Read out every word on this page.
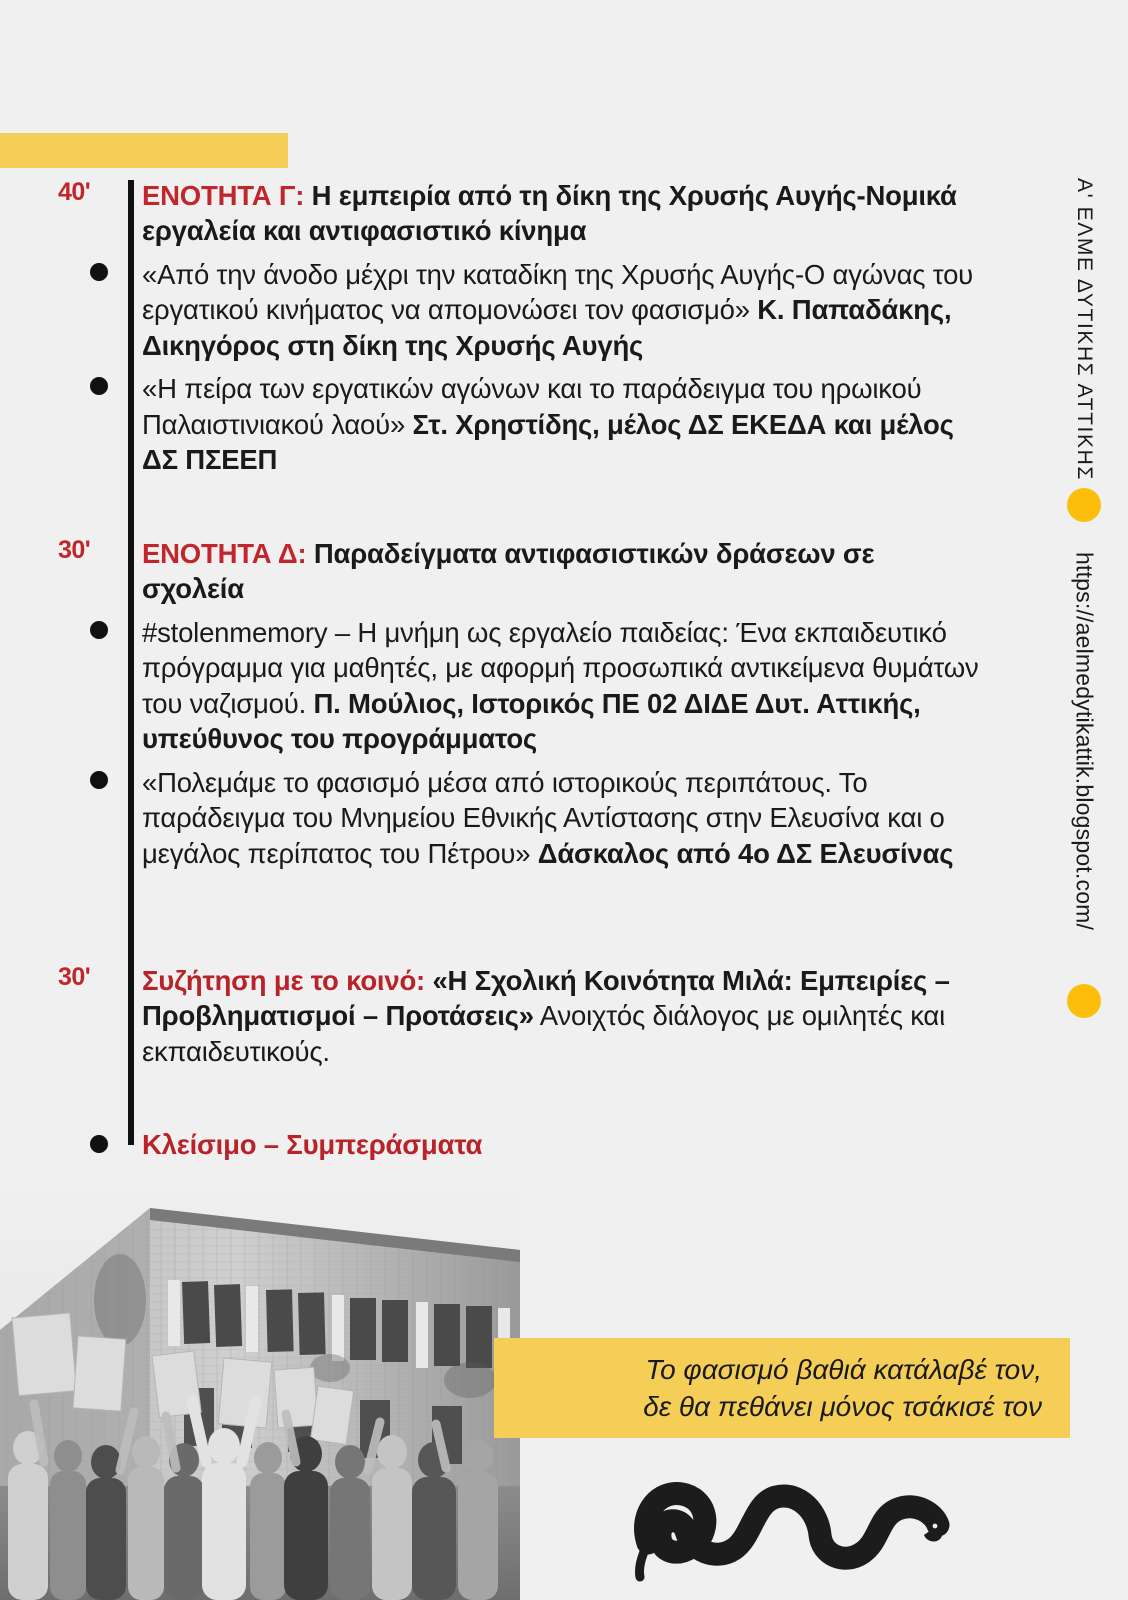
40'	ΕΝΟΤΗΤΑ Γ: Η εμπειρία από τη δίκη της Χρυσής Αυγής-Νομικά εργαλεία και αντιφασιστικό κίνημα

«Από την άνοδο μέχρι την καταδίκη της Χρυσής Αυγής-Ο αγώνας του εργατικού κινήματος να απομονώσει τον φασισμό» Κ. Παπαδάκης, Δικηγόρος στη δίκη της Χρυσής Αυγής

«Η πείρα των εργατικών αγώνων και το παράδειγμα του ηρωικού Παλαιστινιακού λαού» Στ. Χρηστίδης, μέλος ΔΣ ΕΚΕΔΑ και μέλος ΔΣ ΠΣΕΕΠ

30'	ΕΝΟΤΗΤΑ Δ: Παραδείγματα αντιφασιστικών δράσεων σε σχολεία

#stolenmemory – Η μνήμη ως εργαλείο παιδείας: Ένα εκπαιδευτικό πρόγραμμα για μαθητές, με αφορμή προσωπικά αντικείμενα θυμάτων του ναζισμού. Π. Μούλιος, Ιστορικός ΠΕ 02 ΔΙΔΕ Δυτ. Αττικής, υπεύθυνος του προγράμματος

«Πολεμάμε το φασισμό μέσα από ιστορικούς περιπάτους. Το παράδειγμα του Μνημείου Εθνικής Αντίστασης στην Ελευσίνα και ο μεγάλος περίπατος του Πέτρου» Δάσκαλος από 4ο ΔΣ Ελευσίνας

30'	Συζήτηση με το κοινό: «Η Σχολική Κοινότητα Μιλά: Εμπειρίες – Προβληματισμοί – Προτάσεις» Ανοιχτός διάλογος με ομιλητές και εκπαιδευτικούς.

Κλείσιμο – Συμπεράσματα

Α' ΕΛΜΕ ΔΥΤΙΚΗΣ ΑΤΤΙΚΗΣ
https://aelmedytikattik.blogspot.com/
Το φασισμό βαθιά κατάλαβέ τον,
δε θα πεθάνει μόνος τσάκισέ τον
